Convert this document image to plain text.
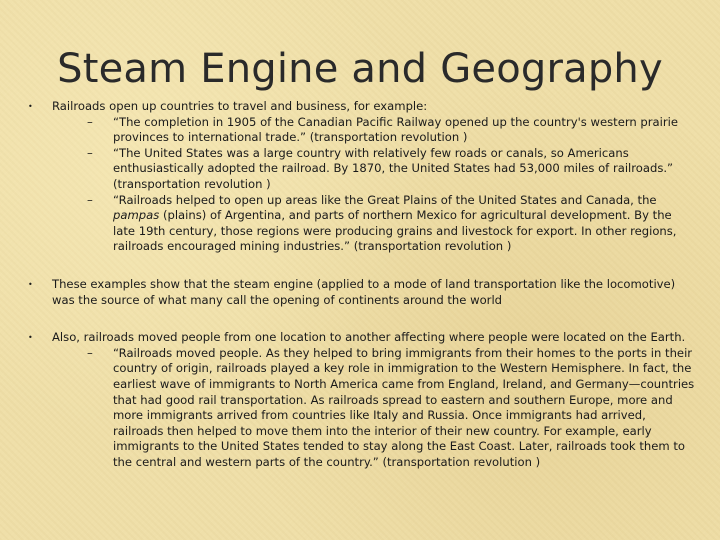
Steam Engine and Geography
• Railroads open up countries to travel and business, for example:
– “The completion in 1905 of the Canadian Pacific Railway opened up the country's western prairie provinces to international trade.” (transportation revolution )
– “The United States was a large country with relatively few roads or canals, so Americans enthusiastically adopted the railroad. By 1870, the United States had 53,000 miles of railroads.” (transportation revolution )
– “Railroads helped to open up areas like the Great Plains of the United States and Canada, the pampas (plains) of Argentina, and parts of northern Mexico for agricultural development. By the late 19th century, those regions were producing grains and livestock for export. In other regions, railroads encouraged mining industries.” (transportation revolution )
• These examples show that the steam engine (applied to a mode of land transportation like the locomotive) was the source of what many call the opening of continents around the world
• Also, railroads moved people from one location to another affecting where people were located on the Earth.
– “Railroads moved people. As they helped to bring immigrants from their homes to the ports in their country of origin, railroads played a key role in immigration to the Western Hemisphere. In fact, the earliest wave of immigrants to North America came from England, Ireland, and Germany—countries that had good rail transportation. As railroads spread to eastern and southern Europe, more and more immigrants arrived from countries like Italy and Russia. Once immigrants had arrived, railroads then helped to move them into the interior of their new country. For example, early immigrants to the United States tended to stay along the East Coast. Later, railroads took them to the central and western parts of the country.” (transportation revolution )
